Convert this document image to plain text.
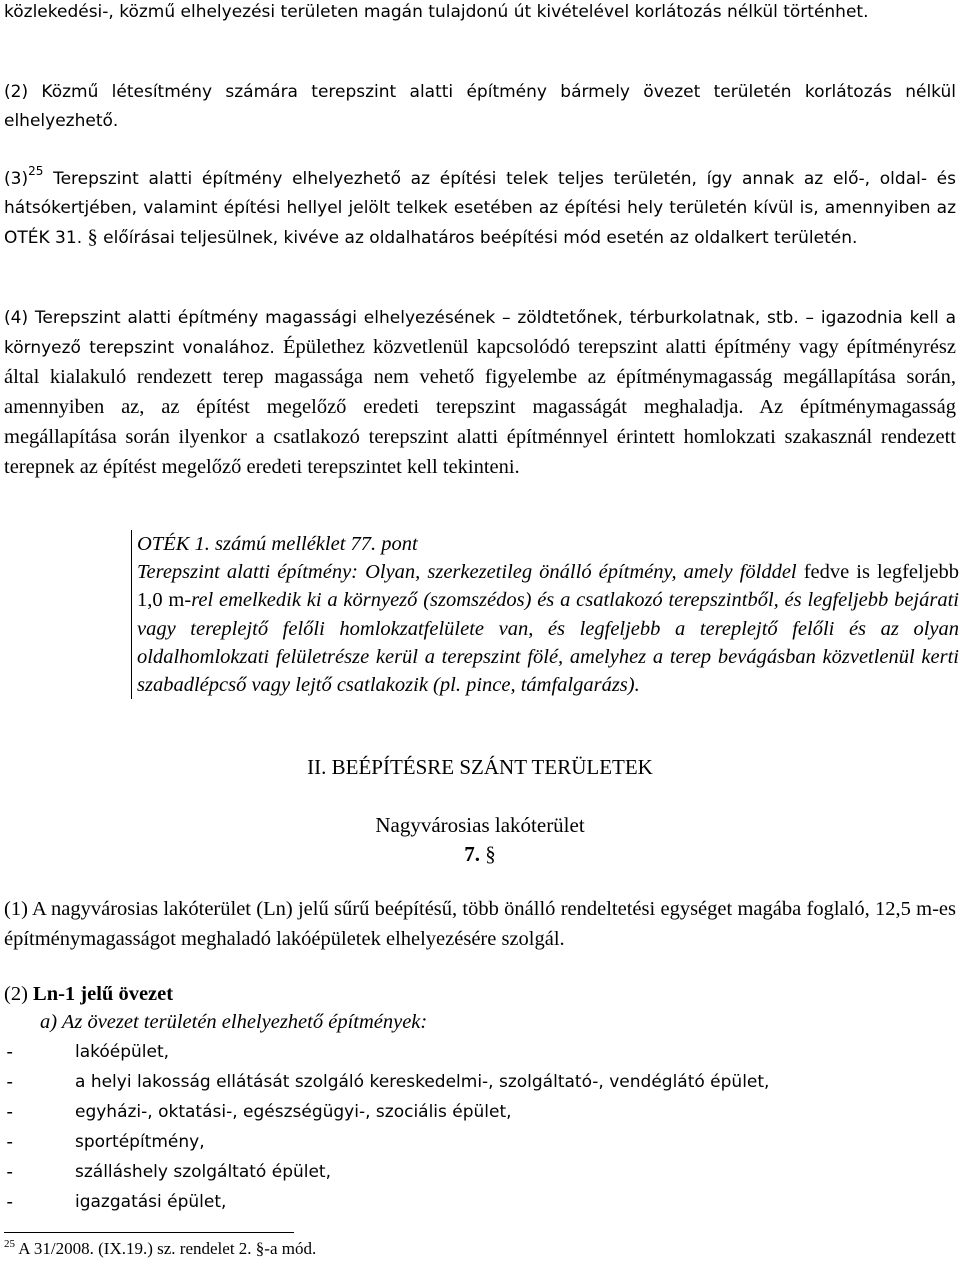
közlekedési-, közmű elhelyezési területen magán tulajdonú út kivételével korlátozás nélkül történhet.

(2) Közmű létesítmény számára terepszint alatti építmény bármely övezet területén korlátozás nélkül elhelyezhető.

$(3)^{25}$ Terepszint alatti építmény elhelyezhető az építési telek teljes területén, így annak az elő-, oldal- és hátsókertjében, valamint építési hellyel jelölt telkek esetében az építési hely területén kívül is, amennyiben az OTÉK 31. § előírásai teljesülnek, kivéve az oldalhatáros beépítési mód esetén az oldalkert területén.

(4) Terepszint alatti építmény magassági elhelyezésének – zöldtetőnek, térburkolatnak, stb. – igazodnia kell a környező terepszint vonalához. Épülethez közvetlenül kapcsolódó terepszint alatti építmény vagy építményrész által kialakuló rendezett terep magassága nem vehető figyelembe az építménymagasság megállapítása során, amennyiben az, az építést megelőző eredeti terepszint magasságát meghaladja. Az építménymagasság megállapítása során ilyenkor a csatlakozó terepszint alatti építménnyel érintett homlokzati szakasznál rendezett terepnek az építést megelőző eredeti terepszintet kell tekinteni.

OTÉK 1. számú melléklet 77. pont
Terepszint alatti építmény: Olyan, szerkezetileg önálló építmény, amely földdel fedve is legfeljebb 1,0 m-rel emelkedik ki a környező (szomszédos) és a csatlakozó terepszintből, és legfeljebb bejárati vagy tereplejtő felőli homlokzatfelülete van, és legfeljebb a tereplejtő felőli és az olyan oldalhomlokzati felületrésze kerül a terepszint fölé, amelyhez a terep bevágásban közvetlenül kerti szabadlépcső vagy lejtő csatlakozik (pl. pince, támfalgarázs).

II. BEÉPÍTÉSRE SZÁNT TERÜLETEK

Nagyvárosias lakóterület

7. §

(1) A nagyvárosias lakóterület (Ln) jelű sűrű beépítésű, több önálló rendeltetési egységet magába foglaló, 12,5 m-es építménymagasságot meghaladó lakóépületek elhelyezésére szolgál.

(2) Ln-1 jelű övezet

a) Az övezet területén elhelyezhető építmények:

-	lakóépület,
-	a helyi lakosság ellátását szolgáló kereskedelmi-, szolgáltató-, vendéglátó épület,
-	egyházi-, oktatási-, egészségügyi-, szociális épület,
-	sportépítmény,
-	szálláshely szolgáltató épület,
-	igazgatási épület,
$^{25}$ A 31/2008. (IX.19.) sz. rendelet 2. §-a mód.
